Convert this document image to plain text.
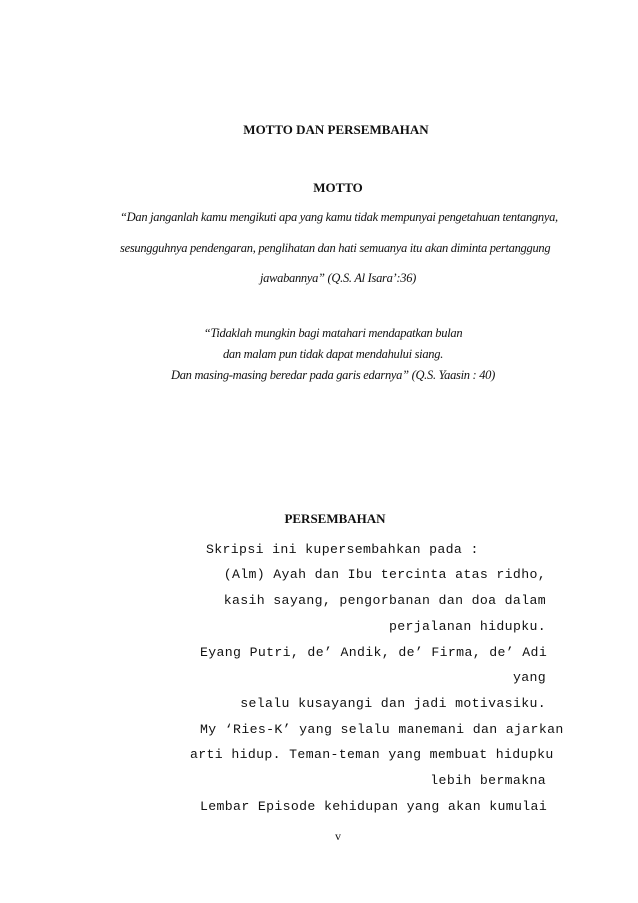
MOTTO DAN PERSEMBAHAN
MOTTO
“Dan janganlah kamu mengikuti apa yang kamu tidak mempunyai pengetahuan tentangnya,
sesungguhnya pendengaran, penglihatan dan hati semuanya itu akan diminta pertanggung
jawabannya” (Q.S. Al Isara’:36)
“Tidaklah mungkin bagi matahari mendapatkan bulan
dan malam pun tidak dapat mendahului siang.
Dan masing-masing beredar pada garis edarnya” (Q.S. Yaasin : 40)
PERSEMBAHAN
Skripsi ini kupersembahkan pada :
(Alm) Ayah dan Ibu tercinta atas ridho,
kasih sayang, pengorbanan dan doa dalam
perjalanan hidupku.
Eyang Putri, de’ Andik, de’ Firma, de’ Adi
yang
selalu kusayangi dan jadi motivasiku.
My ‘Ries-K’ yang selalu manemani dan ajarkan
arti hidup. Teman-teman yang membuat hidupku
lebih bermakna
Lembar Episode kehidupan yang akan kumulai
v
